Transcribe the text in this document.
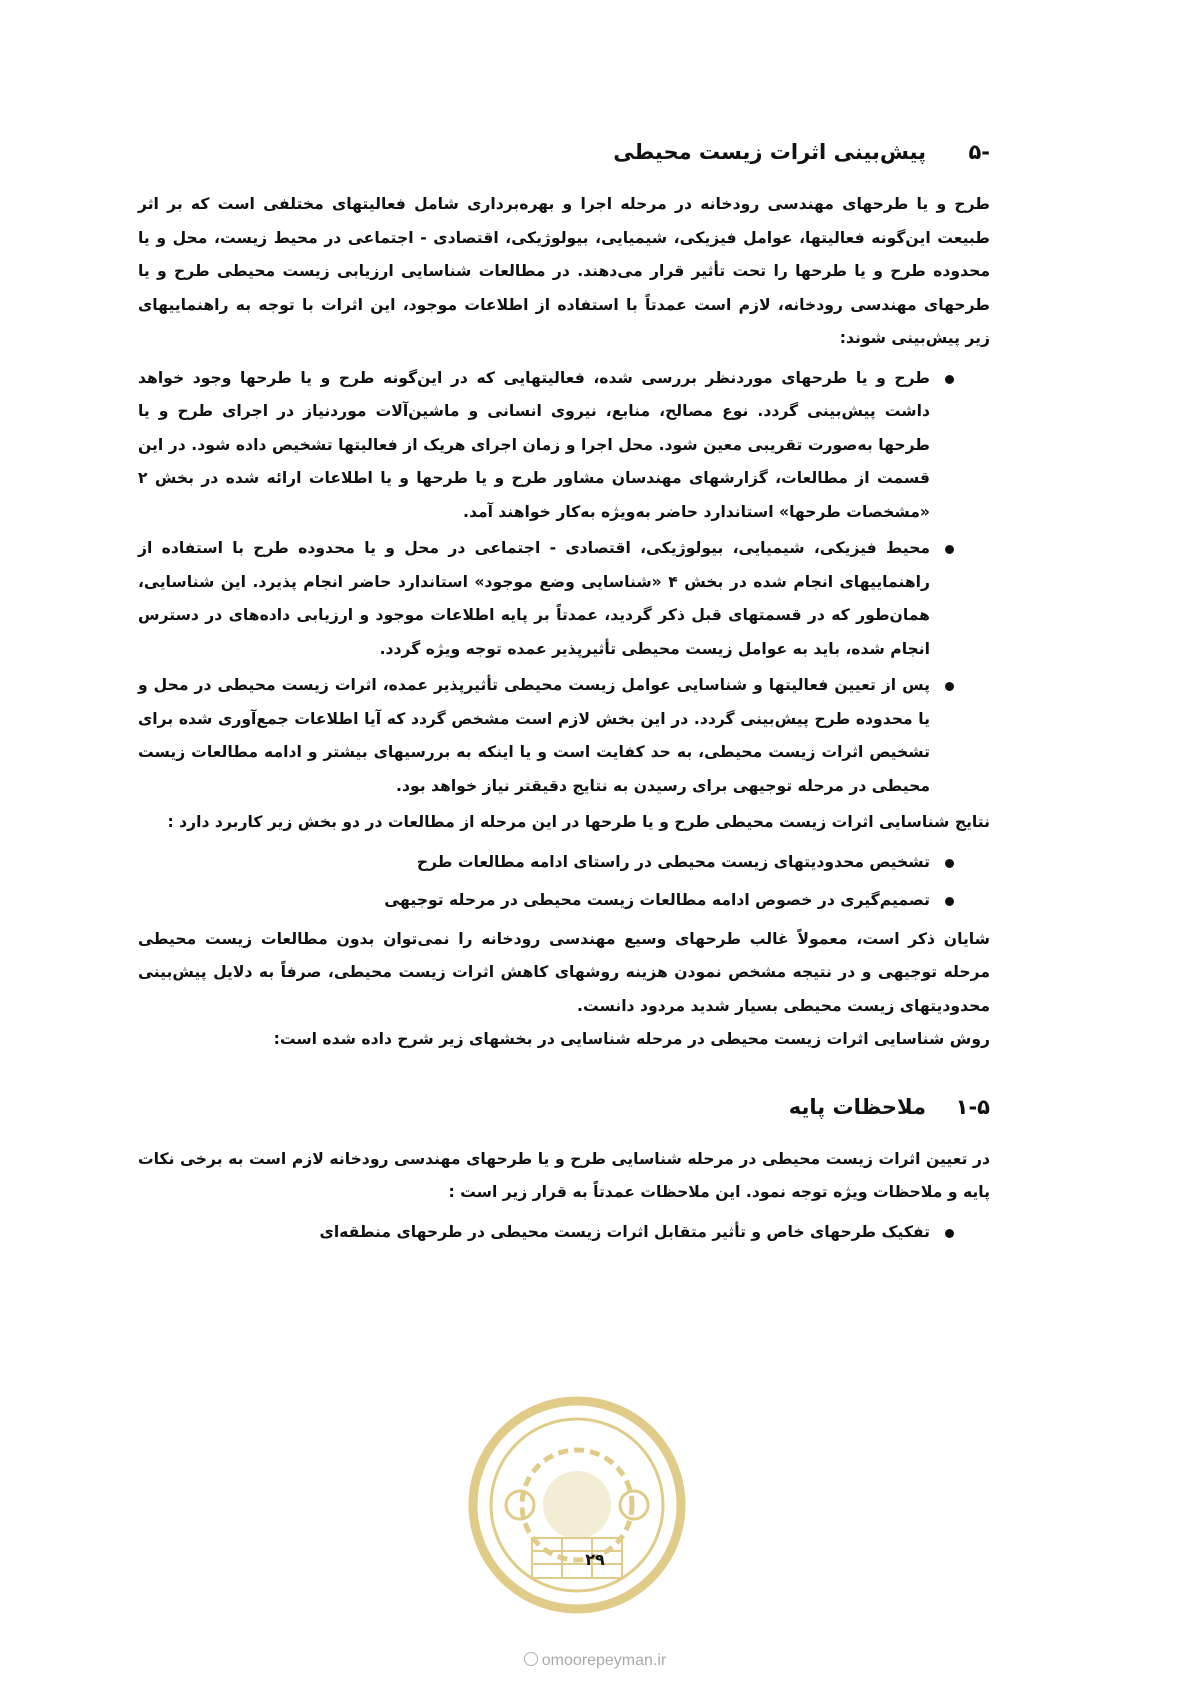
-۵
پیش‌بینی اثرات زیست محیطی

طرح و یا طرحهای مهندسی رودخانه در مرحله اجرا و بهره‌برداری شامل فعالیتهای مختلفی است که بر اثر طبیعت این‌گونه فعالیتها، عوامل فیزیکی، شیمیایی، بیولوژیکی، اقتصادی - اجتماعی در محیط زیست، محل و یا محدوده طرح و یا طرحها را تحت تأثیر قرار می‌دهند. در مطالعات شناسایی ارزیابی زیست محیطی طرح و یا طرحهای مهندسی رودخانه، لازم است عمدتاً با استفاده از اطلاعات موجود، این اثرات با توجه به راهنماییهای زیر پیش‌بینی شوند:

طرح و یا طرحهای موردنظر بررسی شده، فعالیتهایی که در این‌گونه طرح و یا طرحها وجود خواهد داشت پیش‌بینی گردد. نوع مصالح، منابع، نیروی انسانی و ماشین‌آلات موردنیاز در اجرای طرح و یا طرحها به‌صورت تقریبی معین شود. محل اجرا و زمان اجرای هریک از فعالیتها تشخیص داده شود. در این قسمت از مطالعات، گزارشهای مهندسان مشاور طرح و یا طرحها و یا اطلاعات ارائه شده در بخش ۲ «مشخصات طرحها» استاندارد حاضر به‌ویژه به‌کار خواهند آمد.
محیط فیزیکی، شیمیایی، بیولوژیکی، اقتصادی - اجتماعی در محل و یا محدوده طرح با استفاده از راهنماییهای انجام شده در بخش ۴ «شناسایی وضع موجود» استاندارد حاضر انجام پذیرد. این شناسایی، همان‌طور که در قسمتهای قبل ذکر گردید، عمدتاً بر پایه اطلاعات موجود و ارزیابی داده‌های در دسترس انجام شده، باید به عوامل زیست محیطی تأثیرپذیر عمده توجه ویژه گردد.
پس از تعیین فعالیتها و شناسایی عوامل زیست محیطی تأثیرپذیر عمده، اثرات زیست محیطی در محل و یا محدوده طرح پیش‌بینی گردد. در این بخش لازم است مشخص گردد که آیا اطلاعات جمع‌آوری شده برای تشخیص اثرات زیست محیطی، به حد کفایت است و یا اینکه به بررسیهای بیشتر و ادامه مطالعات زیست محیطی در مرحله توجیهی برای رسیدن به نتایج دقیقتر نیاز خواهد بود.

نتایج شناسایی اثرات زیست محیطی طرح و یا طرحها در این مرحله از مطالعات در دو بخش زیر کاربرد دارد :

تشخیص محدودیتهای زیست محیطی در راستای ادامه مطالعات طرح
تصمیم‌گیری در خصوص ادامه مطالعات زیست محیطی در مرحله توجیهی

شایان ذکر است، معمولاً غالب طرحهای وسیع مهندسی رودخانه را نمی‌توان بدون مطالعات زیست محیطی مرحله توجیهی و در نتیجه مشخص نمودن هزینه روشهای کاهش اثرات زیست محیطی، صرفاً به دلایل پیش‌بینی محدودیتهای زیست محیطی بسیار شدید مردود دانست.

روش شناسایی اثرات زیست محیطی در مرحله شناسایی در بخشهای زیر شرح داده شده است:

۱-۵
ملاحظات پایه

در تعیین اثرات زیست محیطی در مرحله شناسایی طرح و یا طرحهای مهندسی رودخانه لازم است به برخی نکات پایه و ملاحظات ویژه توجه نمود. این ملاحظات عمدتاً به قرار زیر است :

تفکیک طرحهای خاص و تأثیر متقابل اثرات زیست محیطی در طرحهای منطقه‌ای
۲۹
omoorepeyman.ir
